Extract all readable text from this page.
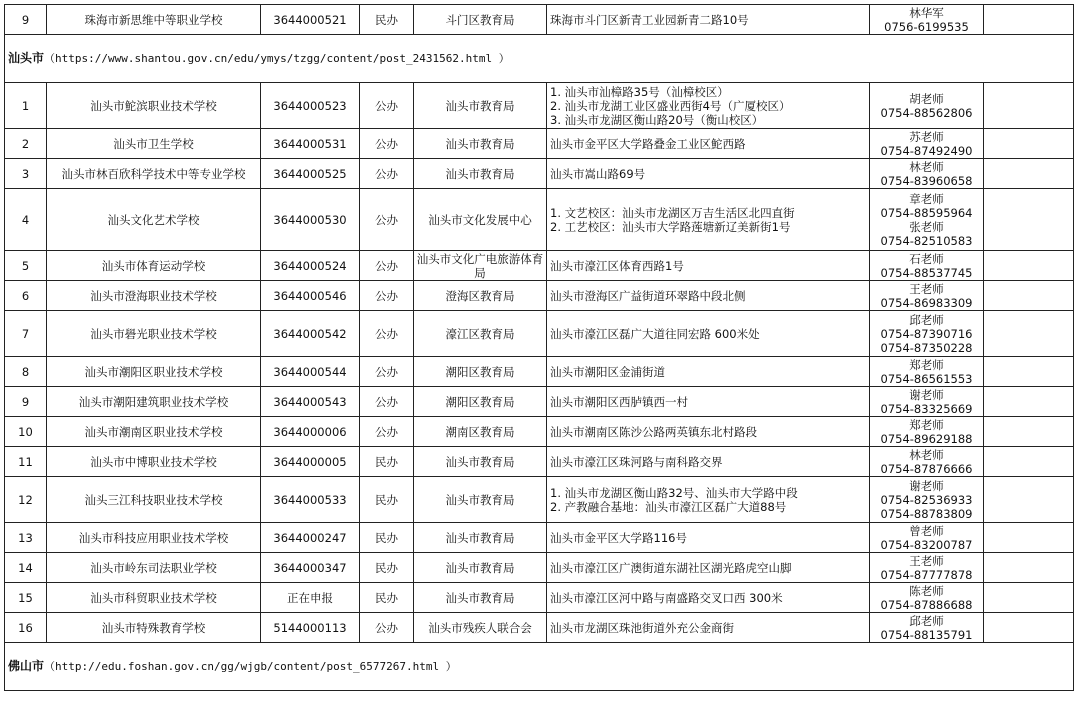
9	珠海市新思维中等职业学校	3644000521	民办	斗门区教育局	珠海市斗门区新青工业园新青二路10号	林华军
0756-6199535	

汕头市（https://www.shantou.gov.cn/edu/ymys/tzgg/content/post_2431562.html ）							
1	汕头市鮀滨职业技术学校	3644000523	公办	汕头市教育局	1. 汕头市汕樟路35号（汕樟校区）
2. 汕头市龙湖工业区盛业西街4号（广厦校区）
3. 汕头市龙湖区衡山路20号（衡山校区）	胡老师
0754-88562806	

2	汕头市卫生学校	3644000531	公办	汕头市教育局	汕头市金平区大学路叠金工业区鮀西路	苏老师
0754-87492490	

3	汕头市林百欣科学技术中等专业学校	3644000525	公办	汕头市教育局	汕头市嵩山路69号	林老师
0754-83960658	

4	汕头文化艺术学校	3644000530	公办	汕头市文化发展中心	1. 文艺校区：汕头市龙湖区万吉生活区北四直街
2. 工艺校区：汕头市大学路莲塘新辽美新街1号	章老师
0754-88595964
张老师
0754-82510583	

5	汕头市体育运动学校	3644000524	公办	汕头市文化广电旅游体育局	汕头市濠江区体育西路1号	石老师
0754-88537745	

6	汕头市澄海职业技术学校	3644000546	公办	澄海区教育局	汕头市澄海区广益街道环翠路中段北侧	王老师
0754-86983309	

7	汕头市礐光职业技术学校	3644000542	公办	濠江区教育局	汕头市濠江区磊广大道往同宏路 600米处	邱老师
0754-87390716
0754-87350228	

8	汕头市潮阳区职业技术学校	3644000544	公办	潮阳区教育局	汕头市潮阳区金浦街道	郑老师
0754-86561553	

9	汕头市潮阳建筑职业技术学校	3644000543	公办	潮阳区教育局	汕头市潮阳区西胪镇西一村	谢老师
0754-83325669	

10	汕头市潮南区职业技术学校	3644000006	公办	潮南区教育局	汕头市潮南区陈沙公路两英镇东北村路段	郑老师
0754-89629188	

11	汕头市中博职业技术学校	3644000005	民办	汕头市教育局	汕头市濠江区珠河路与南科路交界	林老师
0754-87876666	

12	汕头三江科技职业技术学校	3644000533	民办	汕头市教育局	1. 汕头市龙湖区衡山路32号、汕头市大学路中段
2. 产教融合基地：汕头市濠江区磊广大道88号	谢老师
0754-82536933
0754-88783809	

13	汕头市科技应用职业技术学校	3644000247	民办	汕头市教育局	汕头市金平区大学路116号	曾老师
0754-83200787	

14	汕头市岭东司法职业学校	3644000347	民办	汕头市教育局	汕头市濠江区广澳街道东湖社区湖光路虎空山脚	王老师
0754-87777878	

15	汕头市科贸职业技术学校	正在申报	民办	汕头市教育局	汕头市濠江区河中路与南盛路交叉口西 300米	陈老师
0754-87886688	

16	汕头市特殊教育学校	5144000113	公办	汕头市残疾人联合会	汕头市龙湖区珠池街道外充公金商街	邱老师
0754-88135791	

佛山市（http://edu.foshan.gov.cn/gg/wjgb/content/post_6577267.html ）							
